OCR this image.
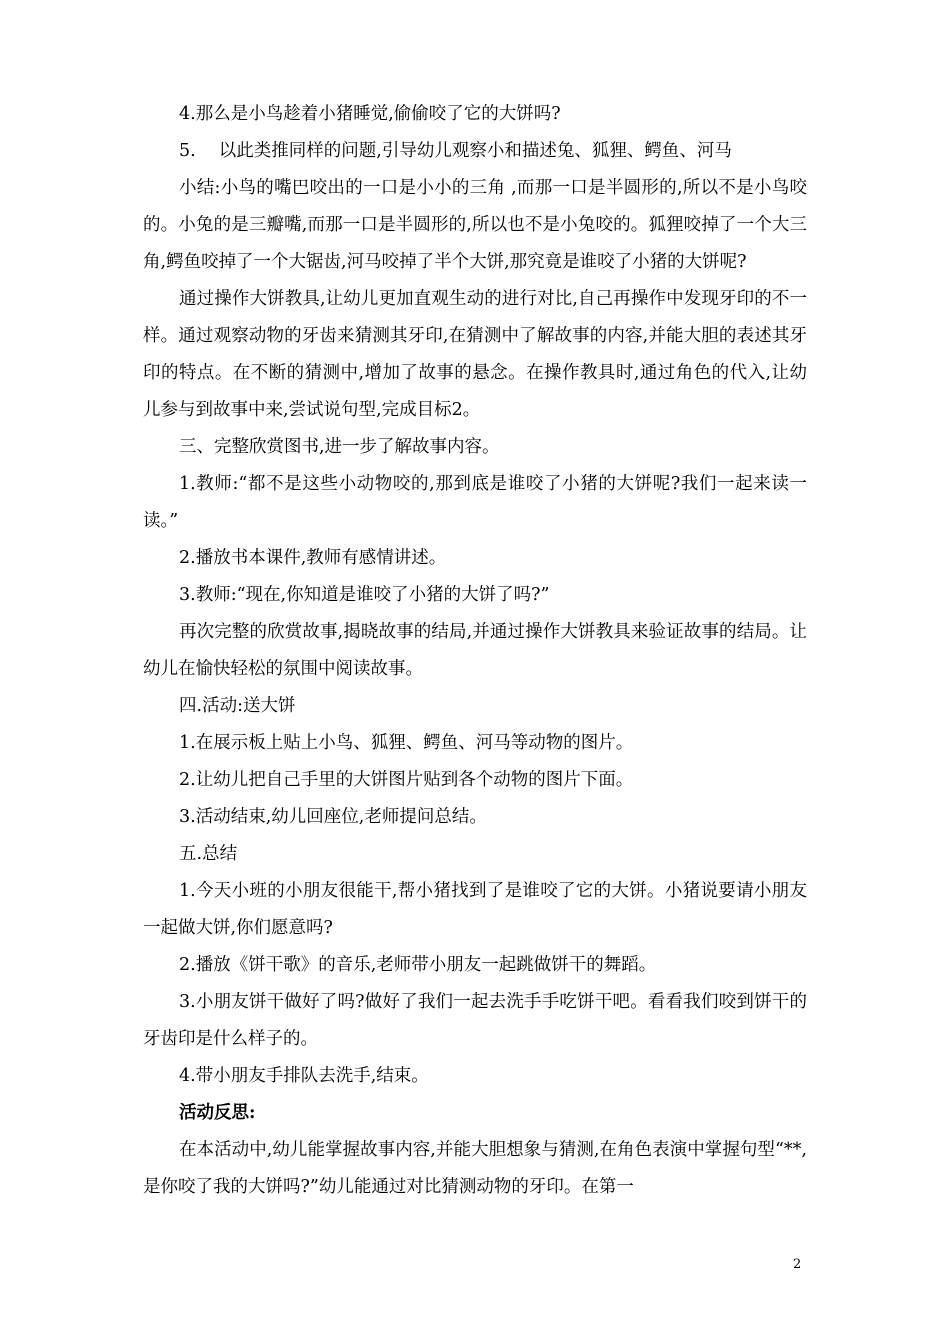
4.那么是小鸟趁着小猪睡觉,偷偷咬了它的大饼吗?

5.　 以此类推同样的问题,引导幼儿观察小和描述兔、狐狸、鳄鱼、河马

小结:小鸟的嘴巴咬出的一口是小小的三角 ,而那一口是半圆形的,所以不是小鸟咬的。小兔的是三瓣嘴,而那一口是半圆形的,所以也不是小兔咬的。狐狸咬掉了一个大三角,鳄鱼咬掉了一个大锯齿,河马咬掉了半个大饼,那究竟是谁咬了小猪的大饼呢?

通过操作大饼教具,让幼儿更加直观生动的进行对比,自己再操作中发现牙印的不一样。通过观察动物的牙齿来猜测其牙印,在猜测中了解故事的内容,并能大胆的表述其牙印的特点。在不断的猜测中,增加了故事的悬念。在操作教具时,通过角色的代入,让幼儿参与到故事中来,尝试说句型,完成目标2。

三、完整欣赏图书,进一步了解故事内容。

1.教师:“都不是这些小动物咬的,那到底是谁咬了小猪的大饼呢?我们一起来读一读。”

2.播放书本课件,教师有感情讲述。

3.教师:“现在,你知道是谁咬了小猪的大饼了吗?”

再次完整的欣赏故事,揭晓故事的结局,并通过操作大饼教具来验证故事的结局。让幼儿在愉快轻松的氛围中阅读故事。

四.活动:送大饼

1.在展示板上贴上小鸟、狐狸、鳄鱼、河马等动物的图片。

2.让幼儿把自己手里的大饼图片贴到各个动物的图片下面。

3.活动结束,幼儿回座位,老师提问总结。

五.总结

1.今天小班的小朋友很能干,帮小猪找到了是谁咬了它的大饼。小猪说要请小朋友一起做大饼,你们愿意吗?

2.播放《饼干歌》的音乐,老师带小朋友一起跳做饼干的舞蹈。

3.小朋友饼干做好了吗?做好了我们一起去洗手手吃饼干吧。看看我们咬到饼干的牙齿印是什么样子的。

4.带小朋友手排队去洗手,结束。

活动反思:

在本活动中,幼儿能掌握故事内容,并能大胆想象与猜测,在角色表演中掌握句型“**,是你咬了我的大饼吗?”幼儿能通过对比猜测动物的牙印。在第一

2
